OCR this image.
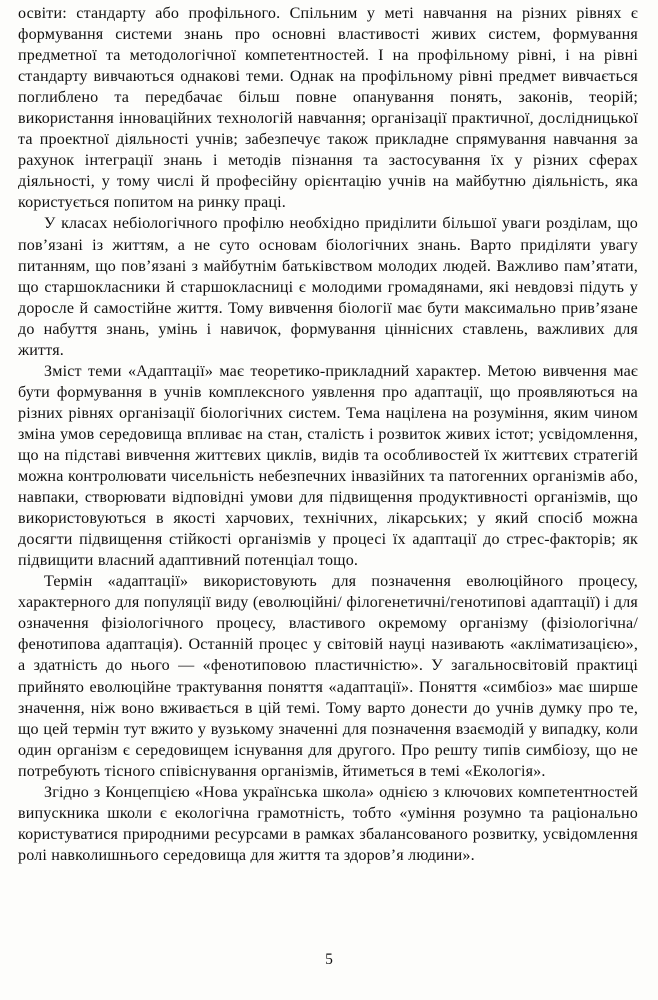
освіти: стандарту або профільного. Спільним у меті навчання на різних рівнях є формування системи знань про основні властивості живих систем, формування предметної та методологічної компетентностей. І на профільному рівні, і на рівні стандарту вивчаються однакові теми. Однак на профільному рівні предмет вивчається поглиблено та передбачає більш повне опанування понять, законів, теорій; використання інноваційних технологій навчання; організації практичної, дослідницької та проектної діяльності учнів; забезпечує також прикладне спрямування навчання за рахунок інтеграції знань і методів пізнання та застосування їх у різних сферах діяльності, у тому числі й професійну орієнтацію учнів на майбутню діяльність, яка користується попитом на ринку праці.

У класах небіологічного профілю необхідно приділити більшої уваги розділам, що пов’язані із життям, а не суто основам біологічних знань. Варто приділяти увагу питанням, що пов’язані з майбутнім батьківством молодих людей. Важливо пам’ятати, що старшокласники й старшокласниці є молодими громадянами, які невдовзі підуть у доросле й самостійне життя. Тому вивчення біології має бути максимально прив’язане до набуття знань, умінь і навичок, формування ціннісних ставлень, важливих для життя.

Зміст теми «Адаптації» має теоретико-прикладний характер. Метою вивчення має бути формування в учнів комплексного уявлення про адаптації, що проявляються на різних рівнях організації біологічних систем. Тема націлена на розуміння, яким чином зміна умов середовища впливає на стан, сталість і розвиток живих істот; усвідомлення, що на підставі вивчення життєвих циклів, видів та особливостей їх життєвих стратегій можна контролювати чисельність небезпечних інвазійних та патогенних організмів або, навпаки, створювати відповідні умови для підвищення продуктивності організмів, що використовуються в якості харчових, технічних, лікарських; у який спосіб можна досягти підвищення стійкості організмів у процесі їх адаптації до стрес-факторів; як підвищити власний адаптивний потенціал тощо.

Термін «адаптації» використовують для позначення еволюційного процесу, характерного для популяції виду (еволюційні/ філогенетичні/генотипові адаптації) і для означення фізіологічного процесу, властивого окремому організму (фізіологічна/фенотипова адаптація). Останній процес у світовій науці називають «акліматизацією», а здатність до нього — «фенотиповою пластичністю». У загальносвітовій практиці прийнято еволюційне трактування поняття «адаптації». Поняття «симбіоз» має ширше значення, ніж воно вживається в цій темі. Тому варто донести до учнів думку про те, що цей термін тут вжито у вузькому значенні для позначення взаємодій у випадку, коли один організм є середовищем існування для другого. Про решту типів симбіозу, що не потребують тісного співіснування організмів, йтиметься в темі «Екологія».

Згідно з Концепцією «Нова українська школа» однією з ключових компетентностей випускника школи є екологічна грамотність, тобто «уміння розумно та раціонально користуватися природними ресурсами в рамках збалансованого розвитку, усвідомлення ролі навколишнього середовища для життя та здоров’я людини».

5
